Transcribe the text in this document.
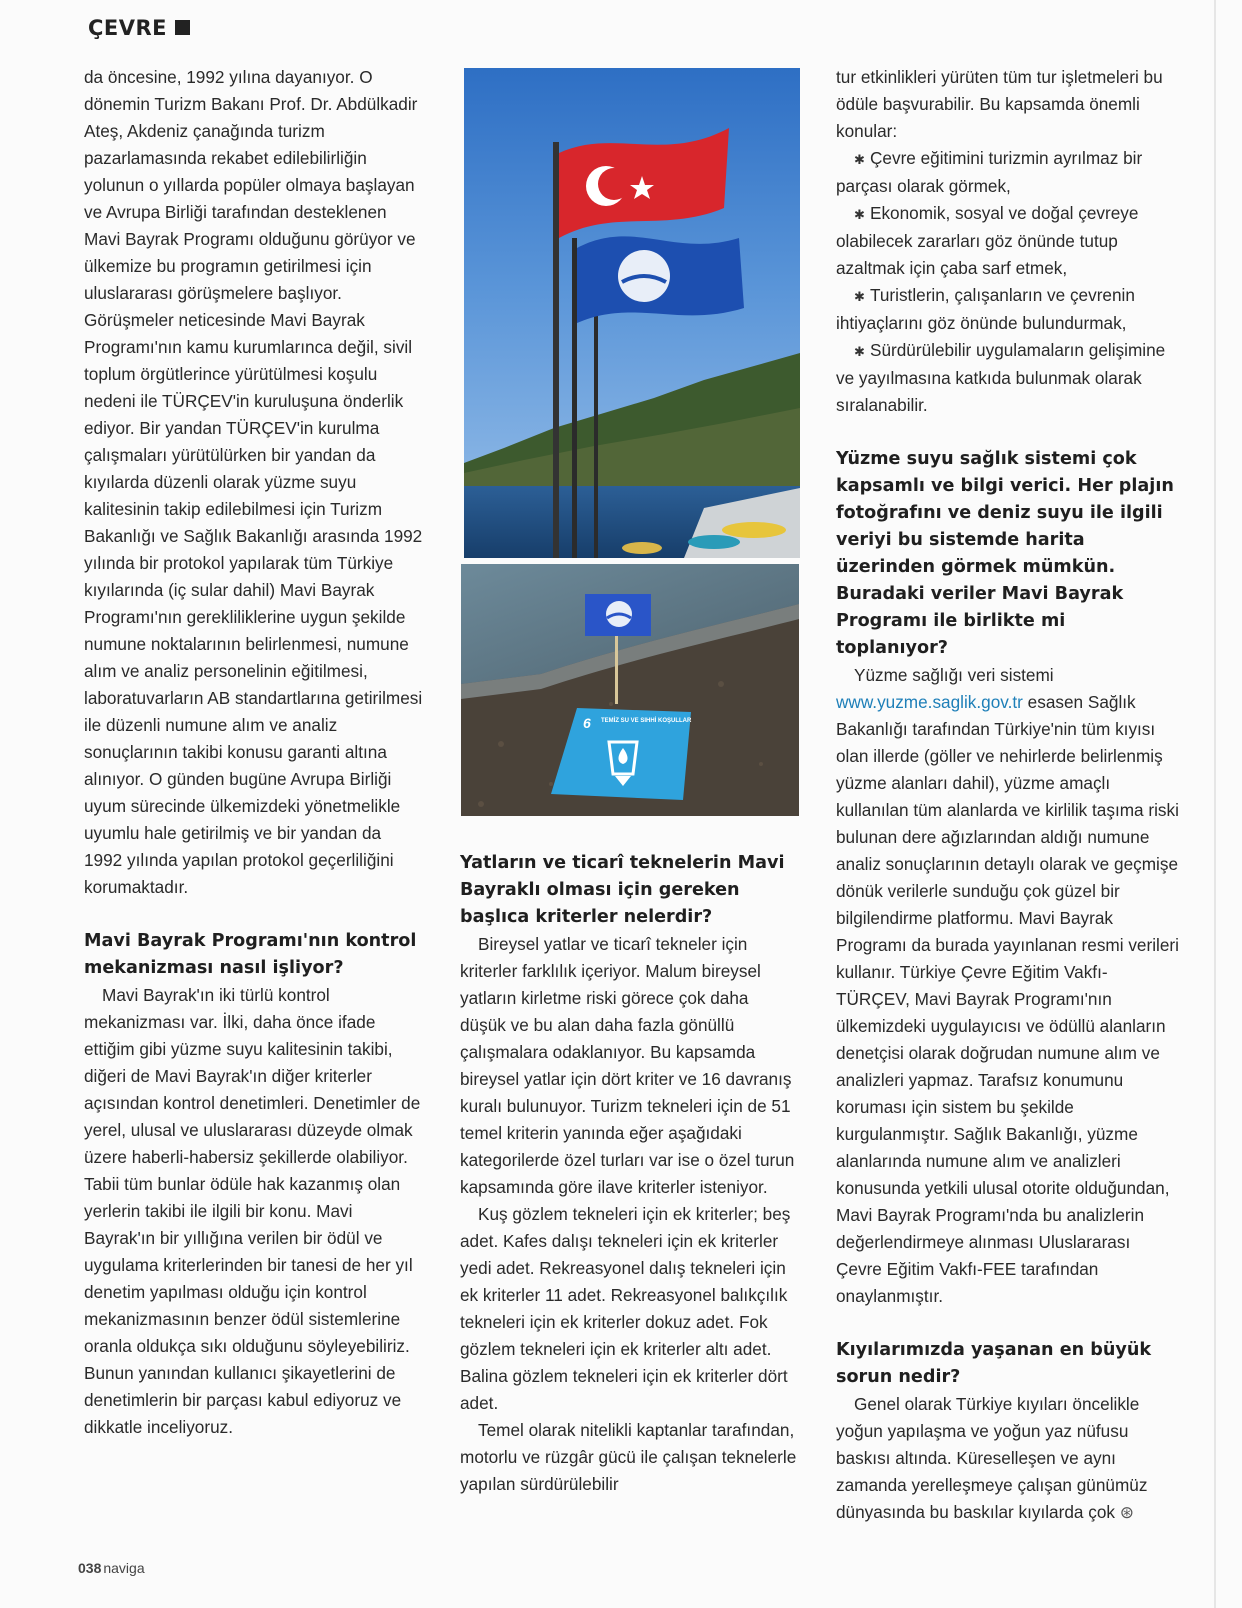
ÇEVRE

da öncesine, 1992 yılına dayanıyor. O dönemin Turizm Bakanı Prof. Dr. Abdülkadir Ateş, Akdeniz çanağında turizm pazarlamasında rekabet edilebilirliğin yolunun o yıllarda popüler olmaya başlayan ve Avrupa Birliği tarafından desteklenen Mavi Bayrak Programı olduğunu görüyor ve ülkemize bu programın getirilmesi için uluslararası görüşmelere başlıyor. Görüşmeler neticesinde Mavi Bayrak Programı'nın kamu kurumlarınca değil, sivil toplum örgütlerince yürütülmesi koşulu nedeni ile TÜRÇEV'in kuruluşuna önderlik ediyor. Bir yandan TÜRÇEV'in kurulma çalışmaları yürütülürken bir yandan da kıyılarda düzenli olarak yüzme suyu kalitesinin takip edilebilmesi için Turizm Bakanlığı ve Sağlık Bakanlığı arasında 1992 yılında bir protokol yapılarak tüm Türkiye kıyılarında (iç sular dahil) Mavi Bayrak Programı'nın gerekliliklerine uygun şekilde numune noktalarının belirlenmesi, numune alım ve analiz personelinin eğitilmesi, laboratuvarların AB standartlarına getirilmesi ile düzenli numune alım ve analiz sonuçlarının takibi konusu garanti altına alınıyor. O günden bugüne Avrupa Birliği uyum sürecinde ülkemizdeki yönetmelikle uyumlu hale getirilmiş ve bir yandan da 1992 yılında yapılan protokol geçerliliğini korumaktadır.

Mavi Bayrak Programı'nın kontrol mekanizması nasıl işliyor?

Mavi Bayrak'ın iki türlü kontrol mekanizması var. İlki, daha önce ifade ettiğim gibi yüzme suyu kalitesinin takibi, diğeri de Mavi Bayrak'ın diğer kriterler açısından kontrol denetimleri. Denetimler de yerel, ulusal ve uluslararası düzeyde olmak üzere haberli-habersiz şekillerde olabiliyor. Tabii tüm bunlar ödüle hak kazanmış olan yerlerin takibi ile ilgili bir konu. Mavi Bayrak'ın bir yıllığına verilen bir ödül ve uygulama kriterlerinden bir tanesi de her yıl denetim yapılması olduğu için kontrol mekanizmasının benzer ödül sistemlerine oranla oldukça sıkı olduğunu söyleyebiliriz. Bunun yanından kullanıcı şikayetlerini de denetimlerin bir parçası kabul ediyoruz ve dikkatle inceliyoruz.

6 TEMİZ SU VE SIHHİ KOŞULLAR
Yatların ve ticarî teknelerin Mavi Bayraklı olması için gereken başlıca kriterler nelerdir?

Bireysel yatlar ve ticarî tekneler için kriterler farklılık içeriyor. Malum bireysel yatların kirletme riski görece çok daha düşük ve bu alan daha fazla gönüllü çalışmalara odaklanıyor. Bu kapsamda bireysel yatlar için dört kriter ve 16 davranış kuralı bulunuyor. Turizm tekneleri için de 51 temel kriterin yanında eğer aşağıdaki kategorilerde özel turları var ise o özel turun kapsamında göre ilave kriterler isteniyor.

Kuş gözlem tekneleri için ek kriterler; beş adet. Kafes dalışı tekneleri için ek kriterler yedi adet. Rekreasyonel dalış tekneleri için ek kriterler 11 adet. Rekreasyonel balıkçılık tekneleri için ek kriterler dokuz adet. Fok gözlem tekneleri için ek kriterler altı adet. Balina gözlem tekneleri için ek kriterler dört adet.

Temel olarak nitelikli kaptanlar tarafından, motorlu ve rüzgâr gücü ile çalışan teknelerle yapılan sürdürülebilir

tur etkinlikleri yürüten tüm tur işletmeleri bu ödüle başvurabilir. Bu kapsamda önemli konular:

✱ Çevre eğitimini turizmin ayrılmaz bir parçası olarak görmek,

✱ Ekonomik, sosyal ve doğal çevreye olabilecek zararları göz önünde tutup azaltmak için çaba sarf etmek,

✱ Turistlerin, çalışanların ve çevrenin ihtiyaçlarını göz önünde bulundurmak,

✱ Sürdürülebilir uygulamaların gelişimine ve yayılmasına katkıda bulunmak olarak sıralanabilir.

Yüzme suyu sağlık sistemi çok kapsamlı ve bilgi verici. Her plajın fotoğrafını ve deniz suyu ile ilgili veriyi bu sistemde harita üzerinden görmek mümkün. Buradaki veriler Mavi Bayrak Programı ile birlikte mi toplanıyor?

Yüzme sağlığı veri sistemi www.yuzme.saglik.gov.tr esasen Sağlık Bakanlığı tarafından Türkiye'nin tüm kıyısı olan illerde (göller ve nehirlerde belirlenmiş yüzme alanları dahil), yüzme amaçlı kullanılan tüm alanlarda ve kirlilik taşıma riski bulunan dere ağızlarından aldığı numune analiz sonuçlarının detaylı olarak ve geçmişe dönük verilerle sunduğu çok güzel bir bilgilendirme platformu. Mavi Bayrak Programı da burada yayınlanan resmi verileri kullanır. Türkiye Çevre Eğitim Vakfı-TÜRÇEV, Mavi Bayrak Programı'nın ülkemizdeki uygulayıcısı ve ödüllü alanların denetçisi olarak doğrudan numune alım ve analizleri yapmaz. Tarafsız konumunu koruması için sistem bu şekilde kurgulanmıştır. Sağlık Bakanlığı, yüzme alanlarında numune alım ve analizleri konusunda yetkili ulusal otorite olduğundan, Mavi Bayrak Programı'nda bu analizlerin değerlendirmeye alınması Uluslararası Çevre Eğitim Vakfı-FEE tarafından onaylanmıştır.

Kıyılarımızda yaşanan en büyük sorun nedir?

Genel olarak Türkiye kıyıları öncelikle yoğun yapılaşma ve yoğun yaz nüfusu baskısı altında. Küreselleşen ve aynı zamanda yerelleşmeye çalışan günümüz dünyasında bu baskılar kıyılarda çok ⊛

038 naviga
